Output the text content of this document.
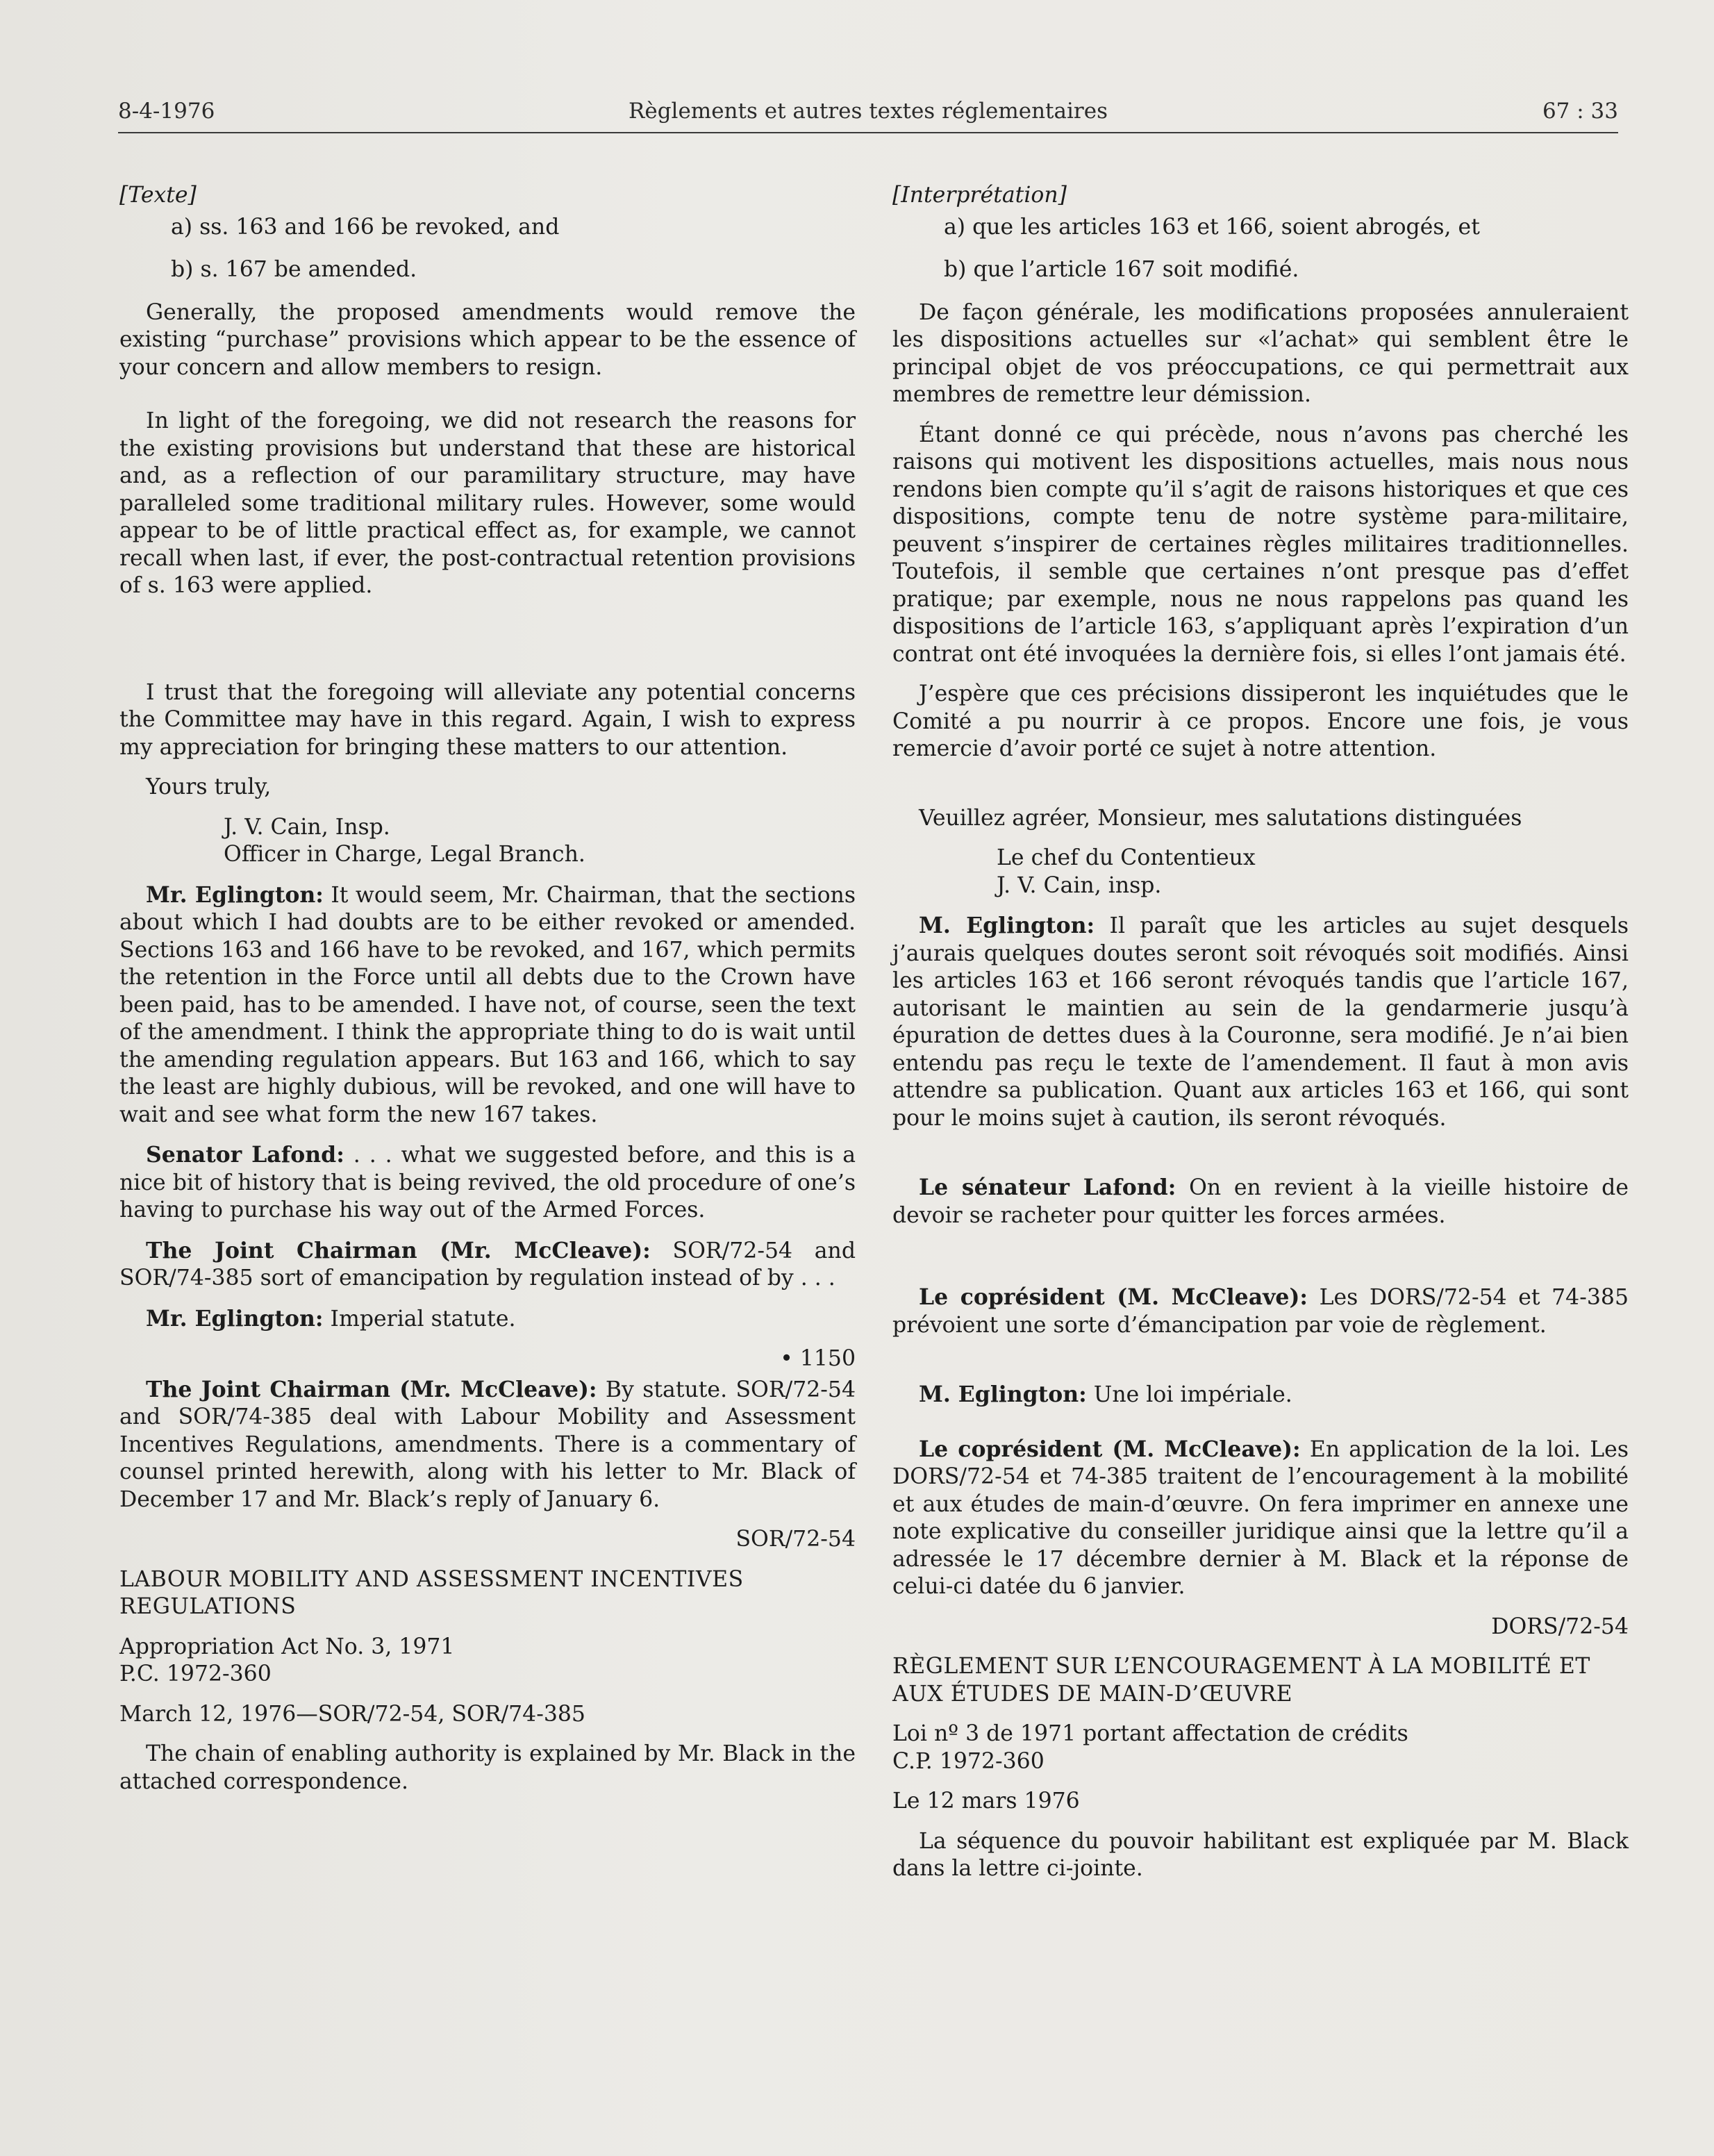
8-4-1976	Règlements et autres textes réglementaires	67 : 33

[Texte]

a) ss. 163 and 166 be revoked, and

b) s. 167 be amended.

Generally, the proposed amendments would remove the existing “purchase” provisions which appear to be the essence of your concern and allow members to resign.

In light of the foregoing, we did not research the reasons for the existing provisions but understand that these are historical and, as a reflection of our paramilitary structure, may have paralleled some traditional military rules. However, some would appear to be of little practical effect as, for example, we cannot recall when last, if ever, the post-contractual retention provisions of s. 163 were applied.

I trust that the foregoing will alleviate any potential concerns the Committee may have in this regard. Again, I wish to express my appreciation for bringing these matters to our attention.

Yours truly,

J. V. Cain, Insp.

Officer in Charge, Legal Branch.

Mr. Eglington: It would seem, Mr. Chairman, that the sections about which I had doubts are to be either revoked or amended. Sections 163 and 166 have to be revoked, and 167, which permits the retention in the Force until all debts due to the Crown have been paid, has to be amended. I have not, of course, seen the text of the amendment. I think the appropriate thing to do is wait until the amending regulation appears. But 163 and 166, which to say the least are highly dubious, will be revoked, and one will have to wait and see what form the new 167 takes.

Senator Lafond: . . . what we suggested before, and this is a nice bit of history that is being revived, the old procedure of one’s having to purchase his way out of the Armed Forces.

The Joint Chairman (Mr. McCleave): SOR/72-54 and SOR/74-385 sort of emancipation by regulation instead of by . . .

Mr. Eglington: Imperial statute.

• 1150

The Joint Chairman (Mr. McCleave): By statute. SOR/72-54 and SOR/74-385 deal with Labour Mobility and Assessment Incentives Regulations, amendments. There is a commentary of counsel printed herewith, along with his letter to Mr. Black of December 17 and Mr. Black’s reply of January 6.

SOR/72-54

LABOUR MOBILITY AND ASSESSMENT INCENTIVES REGULATIONS

Appropriation Act No. 3, 1971

P.C. 1972-360

March 12, 1976—SOR/72-54, SOR/74-385

The chain of enabling authority is explained by Mr. Black in the attached correspondence.

[Interprétation]

a) que les articles 163 et 166, soient abrogés, et

b) que l’article 167 soit modifié.

De façon générale, les modifications proposées annuleraient les dispositions actuelles sur «l’achat» qui semblent être le principal objet de vos préoccupations, ce qui permettrait aux membres de remettre leur démission.

Étant donné ce qui précède, nous n’avons pas cherché les raisons qui motivent les dispositions actuelles, mais nous nous rendons bien compte qu’il s’agit de raisons historiques et que ces dispositions, compte tenu de notre système para-militaire, peuvent s’inspirer de certaines règles militaires traditionnelles. Toutefois, il semble que certaines n’ont presque pas d’effet pratique; par exemple, nous ne nous rappelons pas quand les dispositions de l’article 163, s’appliquant après l’expiration d’un contrat ont été invoquées la dernière fois, si elles l’ont jamais été.

J’espère que ces précisions dissiperont les inquiétudes que le Comité a pu nourrir à ce propos. Encore une fois, je vous remercie d’avoir porté ce sujet à notre attention.

Veuillez agréer, Monsieur, mes salutations distinguées

Le chef du Contentieux

J. V. Cain, insp.

M. Eglington: Il paraît que les articles au sujet desquels j’aurais quelques doutes seront soit révoqués soit modifiés. Ainsi les articles 163 et 166 seront révoqués tandis que l’article 167, autorisant le maintien au sein de la gendarmerie jusqu’à épuration de dettes dues à la Couronne, sera modifié. Je n’ai bien entendu pas reçu le texte de l’amendement. Il faut à mon avis attendre sa publication. Quant aux articles 163 et 166, qui sont pour le moins sujet à caution, ils seront révoqués.

Le sénateur Lafond: On en revient à la vieille histoire de devoir se racheter pour quitter les forces armées.

Le coprésident (M. McCleave): Les DORS/72-54 et 74-385 prévoient une sorte d’émancipation par voie de règlement.

M. Eglington: Une loi impériale.

Le coprésident (M. McCleave): En application de la loi. Les DORS/72-54 et 74-385 traitent de l’encouragement à la mobilité et aux études de main-d’œuvre. On fera imprimer en annexe une note explicative du conseiller juridique ainsi que la lettre qu’il a adressée le 17 décembre dernier à M. Black et la réponse de celui-ci datée du 6 janvier.

DORS/72-54

RÈGLEMENT SUR L’ENCOURAGEMENT À LA MOBILITÉ ET AUX ÉTUDES DE MAIN-D’ŒUVRE

Loi nº 3 de 1971 portant affectation de crédits

C.P. 1972-360

Le 12 mars 1976

La séquence du pouvoir habilitant est expliquée par M. Black dans la lettre ci-jointe.
